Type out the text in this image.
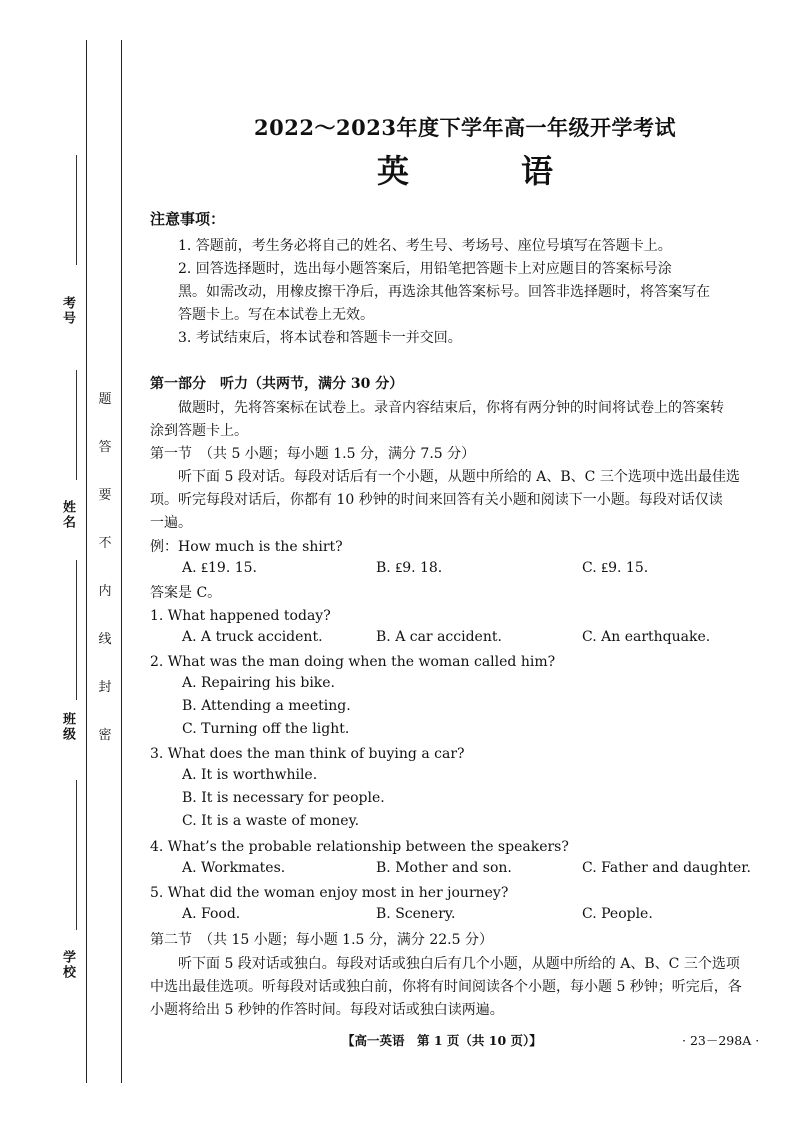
考号
姓名
班级
学校
题
答
要
不
内
线
封
密
2022～2023年度下学年高一年级开学考试
英　语
注意事项：
1. 答题前，考生务必将自己的姓名、考生号、考场号、座位号填写在答题卡上。
2. 回答选择题时，选出每小题答案后，用铅笔把答题卡上对应题目的答案标号涂
黑。如需改动，用橡皮擦干净后，再选涂其他答案标号。回答非选择题时，将答案写在
答题卡上。写在本试卷上无效。
3. 考试结束后，将本试卷和答题卡一并交回。
第一部分　听力（共两节，满分 30 分）
做题时，先将答案标在试卷上。录音内容结束后，你将有两分钟的时间将试卷上的答案转
涂到答题卡上。
第一节　（共 5 小题；每小题 1.5 分，满分 7.5 分）
听下面 5 段对话。每段对话后有一个小题，从题中所给的 A、B、C 三个选项中选出最佳选
项。听完每段对话后，你都有 10 秒钟的时间来回答有关小题和阅读下一小题。每段对话仅读
一遍。
例：How much is the shirt?
A. ₤19. 15.	B. ₤9. 18.	C. ₤9. 15.
答案是 C。
1. What happened today?
A. A truck accident.	B. A car accident.	C. An earthquake.
2. What was the man doing when the woman called him?
A. Repairing his bike.
B. Attending a meeting.
C. Turning off the light.
3. What does the man think of buying a car?
A. It is worthwhile.
B. It is necessary for people.
C. It is a waste of money.
4. What’s the probable relationship between the speakers?
A. Workmates.	B. Mother and son.	C. Father and daughter.
5. What did the woman enjoy most in her journey?
A. Food.	B. Scenery.	C. People.
第二节　（共 15 小题；每小题 1.5 分，满分 22.5 分）
听下面 5 段对话或独白。每段对话或独白后有几个小题，从题中所给的 A、B、C 三个选项
中选出最佳选项。听每段对话或独白前，你将有时间阅读各个小题，每小题 5 秒钟；听完后，各
小题将给出 5 秒钟的作答时间。每段对话或独白读两遍。
【高一英语　第 1 页（共 10 页）】	· 23－298A ·
